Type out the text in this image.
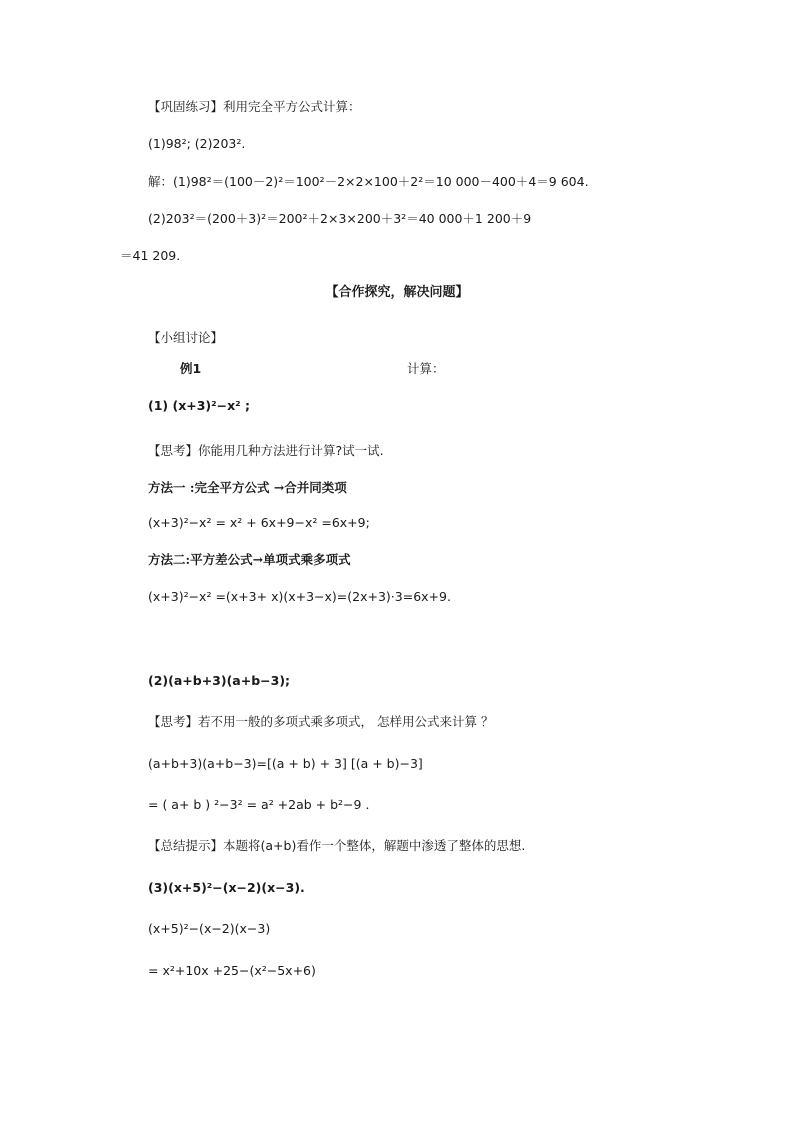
【巩固练习】利用完全平方公式计算：
(1)98²; (2)203².
解：(1)98²＝(100－2)²＝100²－2×2×100＋2²＝10 000－400＋4＝9 604.
(2)203²＝(200＋3)²＝200²＋2×3×200＋3²＝40 000＋1 200＋9
＝41 209.
【合作探究，解决问题】
【小组讨论】
例1	计算：
(1) (x+3)²−x² ;
【思考】你能用几种方法进行计算?试一试.
方法一 :完全平方公式 →合并同类项
(x+3)²−x² = x² + 6x+9−x² =6x+9;
方法二:平方差公式→单项式乘多项式
(x+3)²−x² =(x+3+ x)(x+3−x)=(2x+3)·3=6x+9.
(2)(a+b+3)(a+b−3);
【思考】若不用一般的多项式乘多项式， 怎样用公式来计算 ？
(a+b+3)(a+b−3)=[(a + b) + 3] [(a + b)−3]
= ( a+ b ) ²−3² = a² +2ab + b²−9 .
【总结提示】本题将(a+b)看作一个整体，解题中渗透了整体的思想.
(3)(x+5)²−(x−2)(x−3).
(x+5)²−(x−2)(x−3)
= x²+10x +25−(x²−5x+6)
